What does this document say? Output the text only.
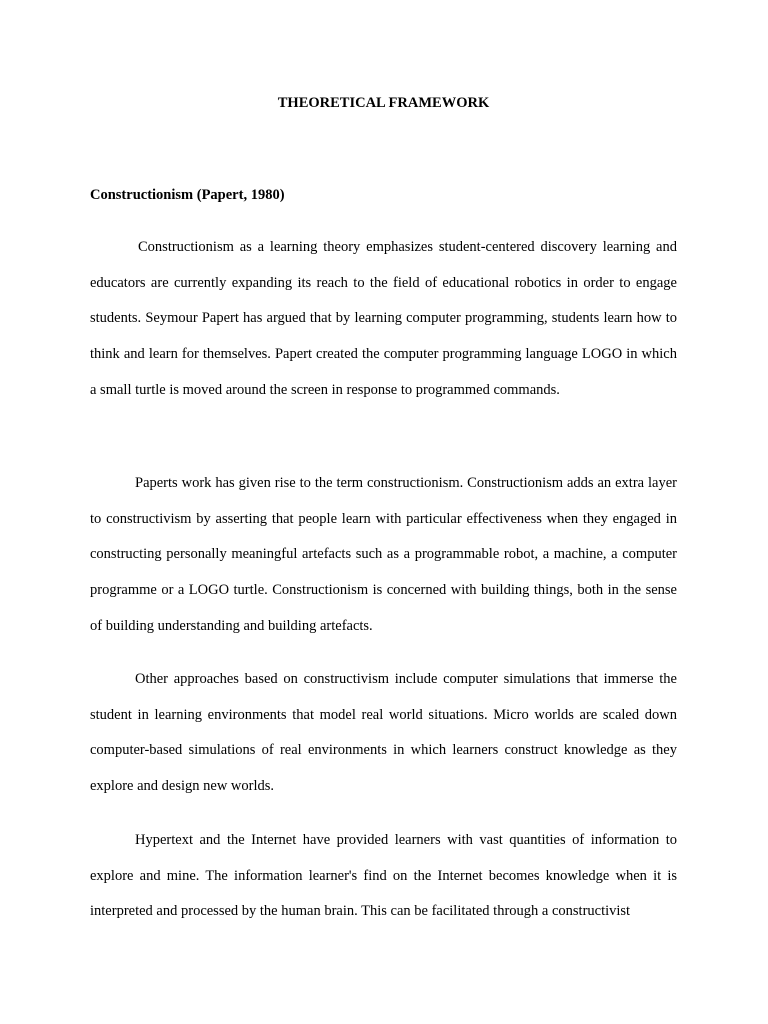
THEORETICAL FRAMEWORK
Constructionism (Papert, 1980)

Constructionism as a learning theory emphasizes student-centered discovery learning and educators are currently expanding its reach to the field of educational robotics in order to engage students. Seymour Papert has argued that by learning computer programming, students learn how to think and learn for themselves. Papert created the computer programming language LOGO in which a small turtle is moved around the screen in response to programmed commands.

Paperts work has given rise to the term constructionism. Constructionism adds an extra layer to constructivism by asserting that people learn with particular effectiveness when they engaged in constructing personally meaningful artefacts such as a programmable robot, a machine, a computer programme or a LOGO turtle. Constructionism is concerned with building things, both in the sense of building understanding and building artefacts.

Other approaches based on constructivism include computer simulations that immerse the student in learning environments that model real world situations. Micro worlds are scaled down computer-based simulations of real environments in which learners construct knowledge as they explore and design new worlds.

Hypertext and the Internet have provided learners with vast quantities of information to explore and mine. The information learner's find on the Internet becomes knowledge when it is interpreted and processed by the human brain. This can be facilitated through a constructivist
